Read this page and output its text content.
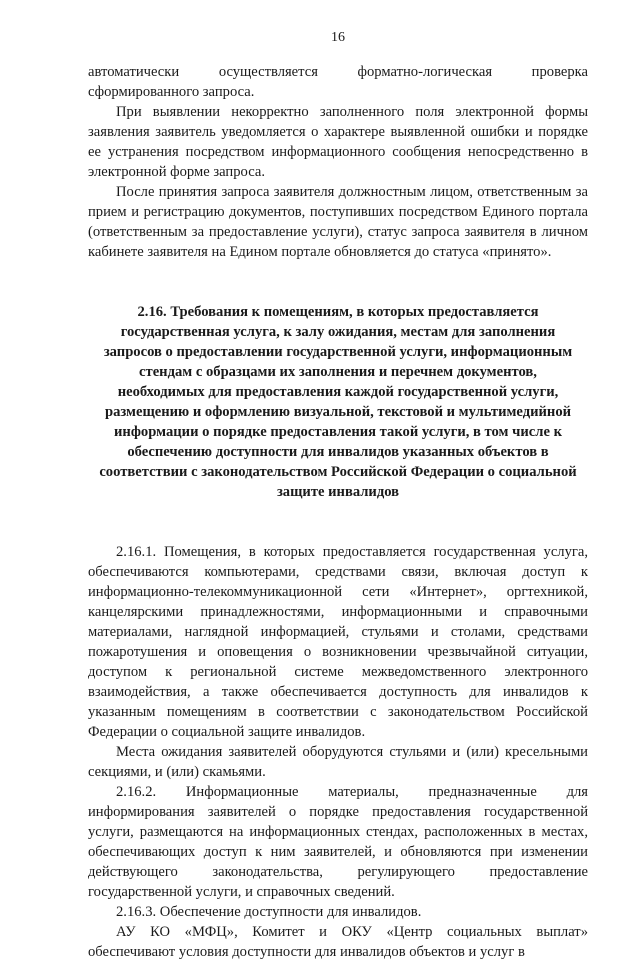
16

автоматически осуществляется форматно-логическая проверка сформированного запроса.

При выявлении некорректно заполненного поля электронной формы заявления заявитель уведомляется о характере выявленной ошибки и порядке ее устранения посредством информационного сообщения непосредственно в электронной форме запроса.

После принятия запроса заявителя должностным лицом, ответственным за прием и регистрацию документов, поступивших посредством Единого портала (ответственным за предоставление услуги), статус запроса заявителя в личном кабинете заявителя на Едином портале обновляется до статуса «принято».

2.16. Требования к помещениям, в которых предоставляется государственная услуга, к залу ожидания, местам для заполнения запросов о предоставлении государственной услуги, информационным стендам с образцами их заполнения и перечнем документов, необходимых для предоставления каждой государственной услуги, размещению и оформлению визуальной, текстовой и мультимедийной информации о порядке предоставления такой услуги, в том числе к обеспечению доступности для инвалидов указанных объектов в соответствии с законодательством Российской Федерации о социальной защите инвалидов

2.16.1. Помещения, в которых предоставляется государственная услуга, обеспечиваются компьютерами, средствами связи, включая доступ к информационно-телекоммуникационной сети «Интернет», оргтехникой, канцелярскими принадлежностями, информационными и справочными материалами, наглядной информацией, стульями и столами, средствами пожаротушения и оповещения о возникновении чрезвычайной ситуации, доступом к региональной системе межведомственного электронного взаимодействия, а также обеспечивается доступность для инвалидов к указанным помещениям в соответствии с законодательством Российской Федерации о социальной защите инвалидов.

Места ожидания заявителей оборудуются стульями и (или) кресельными секциями, и (или) скамьями.

2.16.2. Информационные материалы, предназначенные для информирования заявителей о порядке предоставления государственной услуги, размещаются на информационных стендах, расположенных в местах, обеспечивающих доступ к ним заявителей, и обновляются при изменении действующего законодательства, регулирующего предоставление государственной услуги, и справочных сведений.

2.16.3. Обеспечение доступности для инвалидов.

АУ КО «МФЦ», Комитет и ОКУ «Центр социальных выплат» обеспечивают условия доступности для инвалидов объектов и услуг в
